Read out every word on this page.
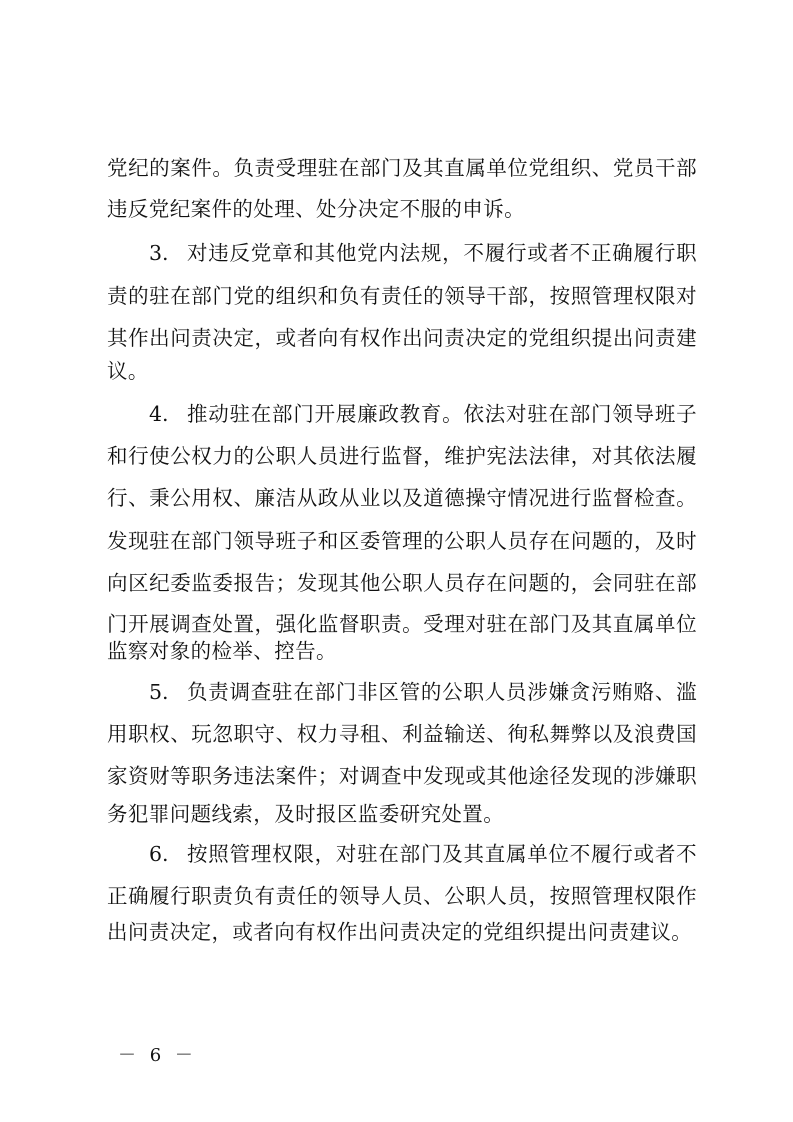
党纪的案件。负责受理驻在部门及其直属单位党组织、党员干部
违反党纪案件的处理、处分决定不服的申诉。
3. 对违反党章和其他党内法规，不履行或者不正确履行职
责的驻在部门党的组织和负有责任的领导干部，按照管理权限对
其作出问责决定，或者向有权作出问责决定的党组织提出问责建
议。
4. 推动驻在部门开展廉政教育。依法对驻在部门领导班子
和行使公权力的公职人员进行监督，维护宪法法律，对其依法履
行、秉公用权、廉洁从政从业以及道德操守情况进行监督检查。
发现驻在部门领导班子和区委管理的公职人员存在问题的，及时
向区纪委监委报告；发现其他公职人员存在问题的，会同驻在部
门开展调查处置，强化监督职责。受理对驻在部门及其直属单位
监察对象的检举、控告。
5. 负责调查驻在部门非区管的公职人员涉嫌贪污贿赂、滥
用职权、玩忽职守、权力寻租、利益输送、徇私舞弊以及浪费国
家资财等职务违法案件；对调查中发现或其他途径发现的涉嫌职
务犯罪问题线索，及时报区监委研究处置。
6. 按照管理权限，对驻在部门及其直属单位不履行或者不
正确履行职责负有责任的领导人员、公职人员，按照管理权限作
出问责决定，或者向有权作出问责决定的党组织提出问责建议。
－ 6 －
